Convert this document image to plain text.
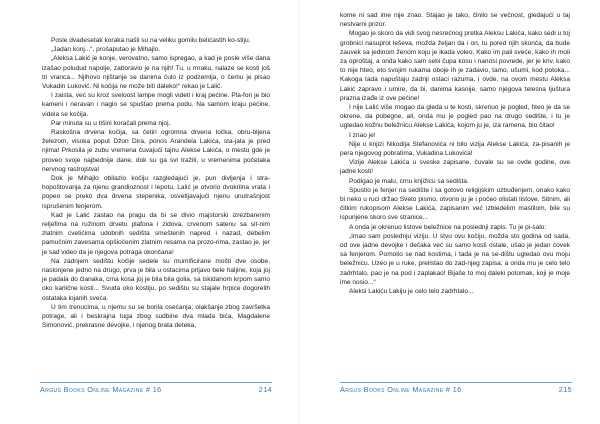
Posle dvadesetak koraka našli su na veliku gomilu belićastih ko-stiju.

„Jadan konj...“, prošaputao je Mihajlo.

„Aleksa Lakić je konje, verovatno, samo ispregao, a kad je posle više dana izašao poludud napolje, zaboravio je na njih! Tu, u mraku, nalaze se kosti još tri vranca... Njihovo njištanje se danima čulo iz podzemlja, o čemu je pisao Vukadin Luković. Ni kočija ne može biti daleko!“ rekao je Lalić.

I zaista, već su kroz sveloost lampe mogli videti i kraj pećine. Pla-fon je bio kameni i neravan i naglo se spuštao prema podu. Na samom kraju pećine, videla se kočija.

Par minuta su u tišini koračali prema njoj.

Raskošna drvena kočija, sa četiri ogromna drvena točka, obru-bljena železom, visoka poput Džon Dira, ponos Arandela Lakića, sta-jala je pred njima! Prkosila je zubu vremena čuvajući tajnu Alekse Lakića, o mestu gde je proveo svoje najbednije dane, dok su ga svi tražili, u vremenima početaka nervnog rastrojstva!

Dok je Mihajlo obilazio kočiju razgledajući je, pun divljenja i stra-hopoštovanja za njenu grandioznost i lepotu, Lalić je otvorio dvokrilna vrata i popeo se preko dva drvena stepenika, osvetljavajući njenu unutrašnjost isprušenim fenjerom.

Kad je Lalić zastao na pragu da bi se divio majstorski izrezbarenim reljefima na ružinom drvetu plafona i zidova, crvenom satenu sa sit-nim zlatnim cvetićima udobnih sedišta smeštenih napred i nazad, debelim pamučnim zavesama opšiočenim zlatnim resama na prozo-rima, zastao je, jer je sad video da je njegova potraga okončana!

Na zadnjem sedištu kočije sedele su mumificirane mošti dve osobe, naslonjene jedno na drugo, prva je bila u ostacima prljavo bele haljine, koja joj je padala do članaka, crna kosa joj je bila bila golia, sa iskidanom krpom samo oko karlične kosti... Svuda oko kostiju, po sedištu su stajale hrpice dogorelih ostataka lojanih sveća.

U tim trenucima, u njemu su se borila osećanja; olakšanje zbog završetka potrage, ali i beskrajna tuga zbog sudbine dva mlada bića, Magdalene Simonović, prekrasne devojke, i njenog brata deteka,

Argus Books Online Magazine # 16	214

kome ni sad ime nije znao. Stajao je tako, činilo se večnost, gledajući u taj nestvarni prizor.

Mogao je skoro da vidi svog nesrećnog pretka Aleksu Lakića, kako sedi u toj grobnici nasuprot leševa, možda željan da i on, tu pored njih skonča, da bude zauvek sa jedinom ženom koju je ikada voleo. Kako im pali sveće, kako ih moli za oproštaj, a onda kako sam sebi čupa kosu i nanosi povrede, jer je kriv, kako to nije hteo, eto svojim rukama oboje ih je zadavio, tamo, ušumi, kod potoka... Kakoga tada napuštaju zadnji ostaci razuma, i ovde, na ovom mestu Aleksa Lakić zapravo i umire, da bi, danima kasnije, samo njegova telesna ljuštura prazna izađe iz ove pećine!

I nije Lalić više mogao da gleda u te kosti, skrenuo je pogled, hteo je da se okrene, da pobegne, ali, onda mu je pogled pao na drugo sedište, i tu je ugledao kožnu beležnicu Alekse Lakića, kojom ju je, iza ramena, bio čitao!

I znao je!

Nije u knjizi Nikodija Stefanovića ni bilo vizija Alekse Lakića, za-pisanih je pera njegovog pobratima, Vukadina Lukovića!

Vizije Alekse Lakića u sveske zapisane, čuvale su se ovde godine, ove jadne kosti!

Podigao je malu, crnu knjižicu sa sedišta.

Spustio je fenjer na sedište i sa gotovo religijskim uzbuđenjem, onako kako bi neko u ruci držao Sveto pismo, otvorio ju je i počeo olistati listove. Sitnim, ali čitkim rukopisom Alekse Lakića, zapisanim već izbledelim mastilom, bile su ispunjene skoro sve stranice...

A onda je okrenuo listove beležnice na poslednji zapis. Tu je pi-salo:

„Imao sam poslednju viziju. U stvu ovu kočiju, možda sto godina od sada, od ove jadne devojke i dečaka već su samo kosti ostale, ušao je jedan čovek sa fenjerom. Pomolio se nad kostima, i tada je na se-dištu ugledao ovu moju beležnicu. Uzeo je u ruke, prelistao do zad-njeg zapisa; a onda mu je celo telo zadrhtalo, pao je na pod i zaplakao! Bijaše to moj daleki potomak, koji je moje ime nosio...“

Aleksi Lakiću Lakiju je celo telo zadrhtalo...

Argus Books Online Magazine # 16	215
